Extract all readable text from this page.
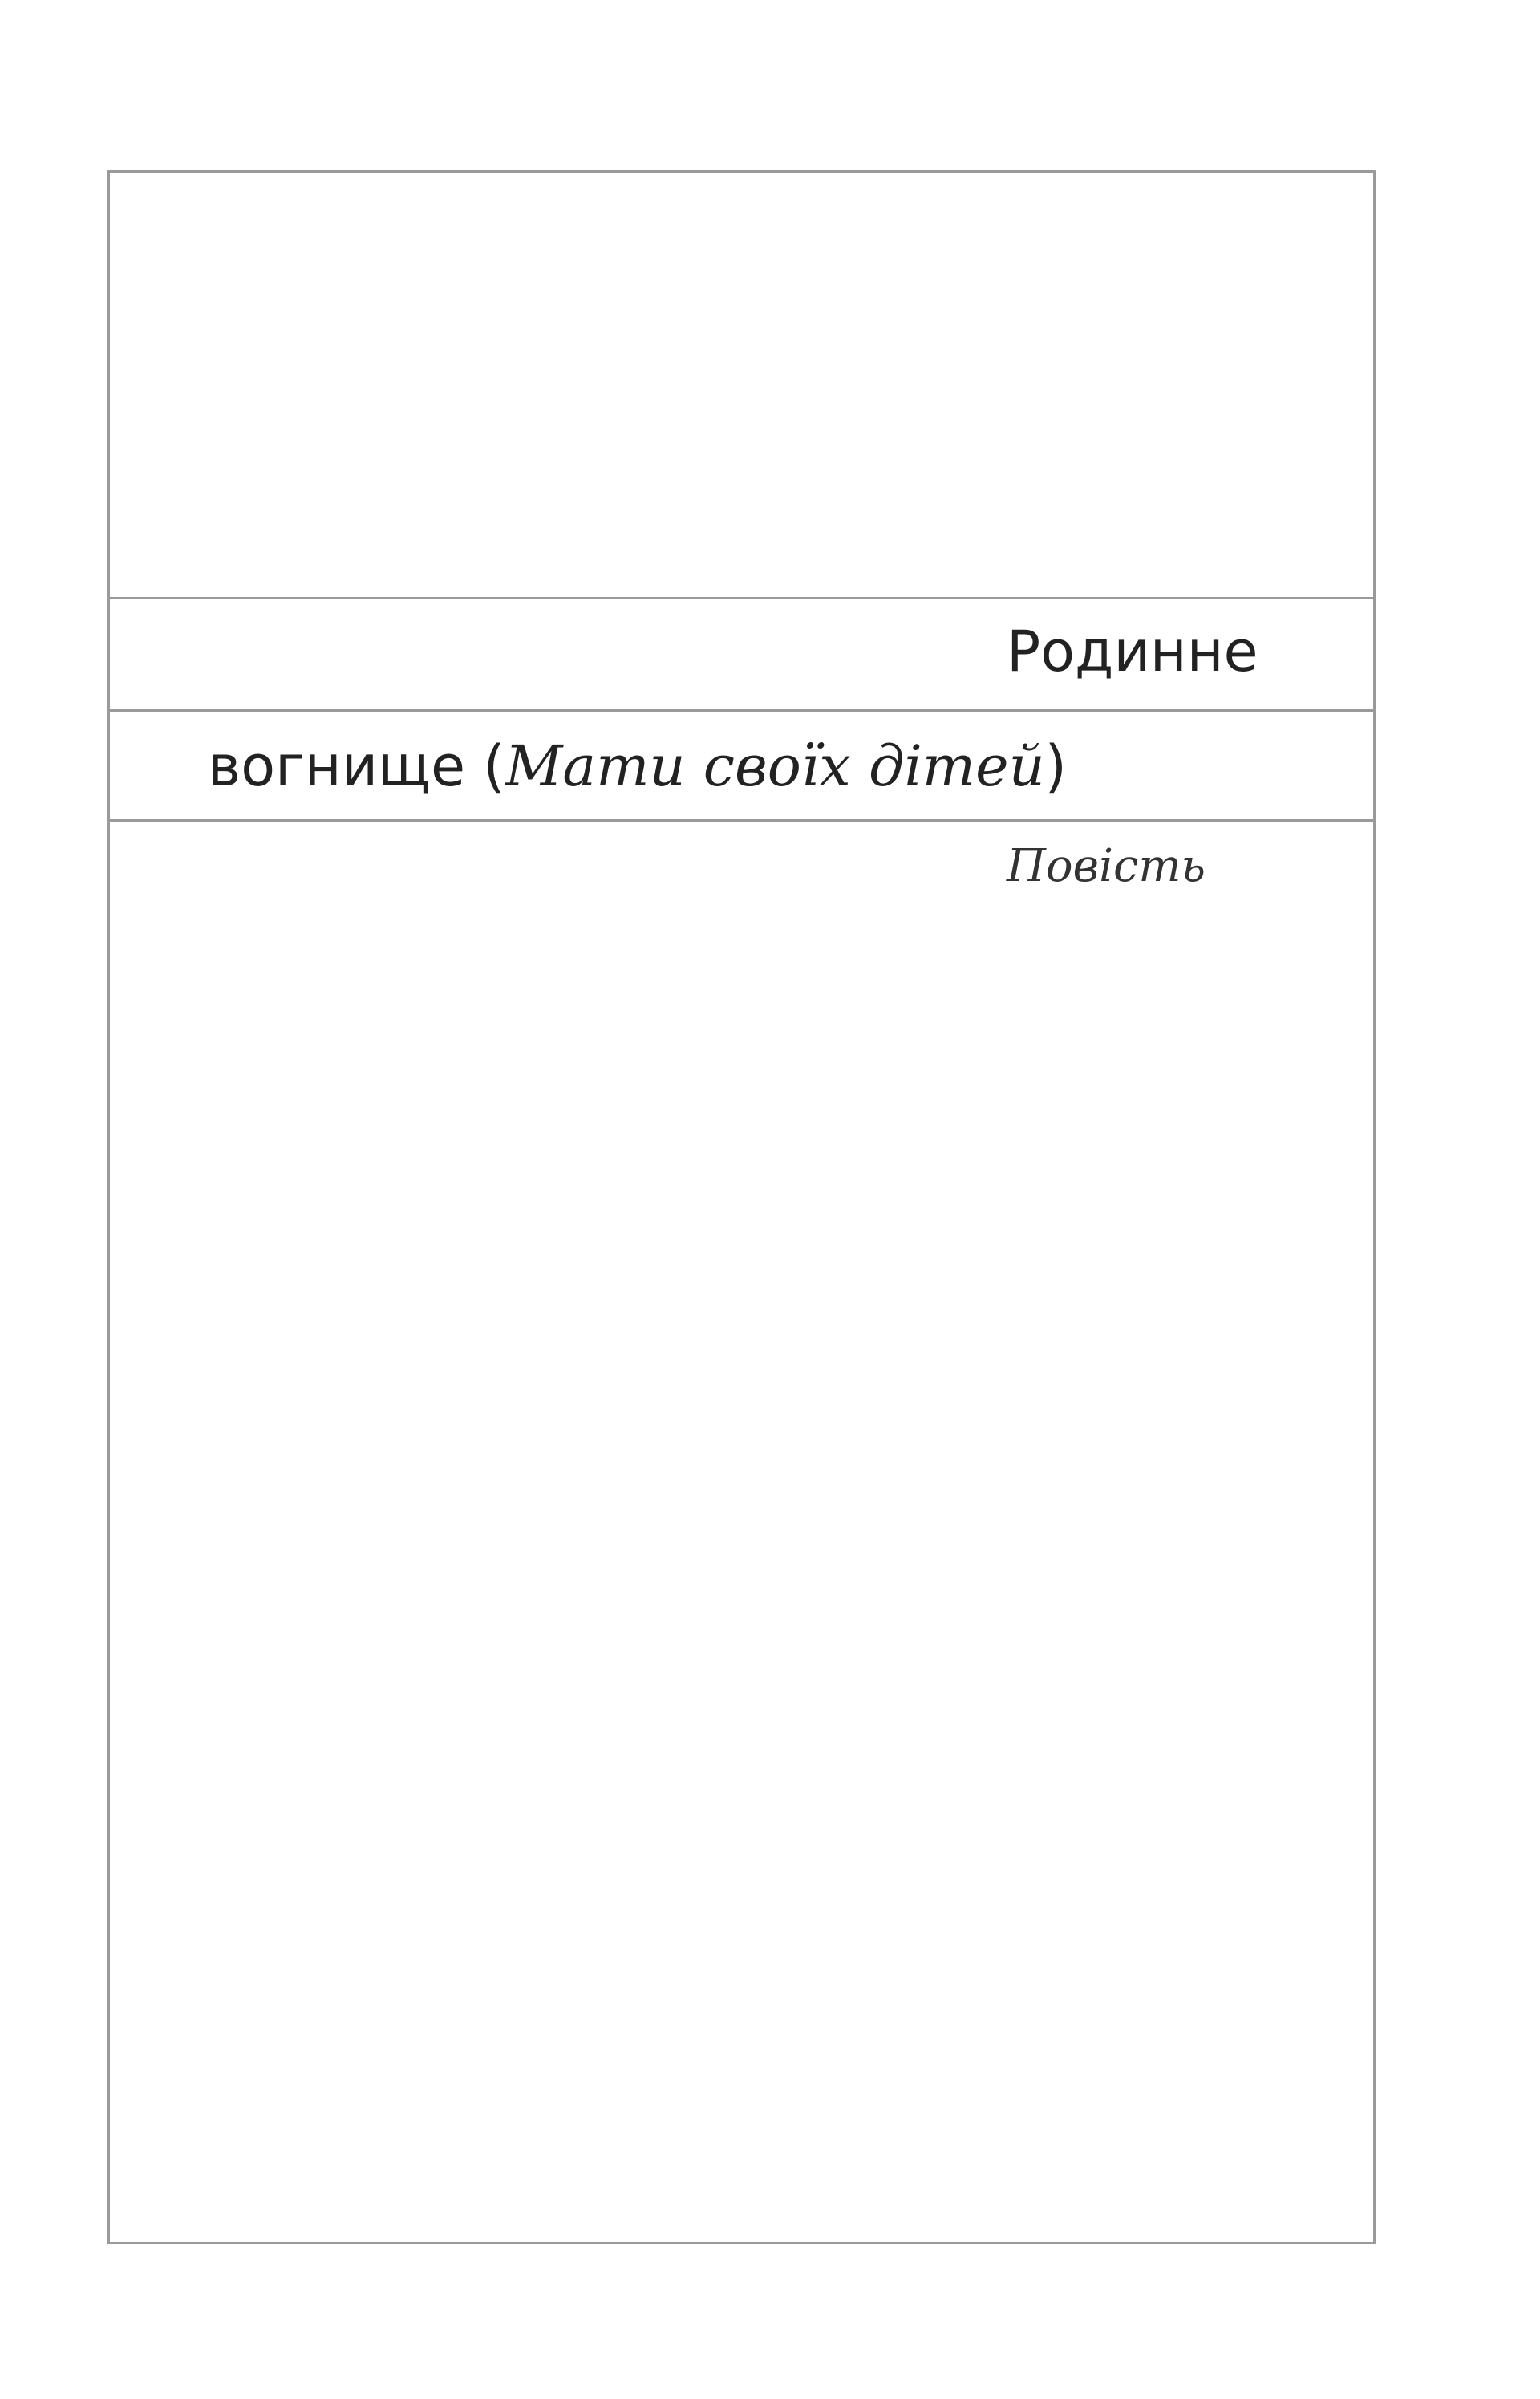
Родинне
вогнище (Мати своїх дітей)
Повість
